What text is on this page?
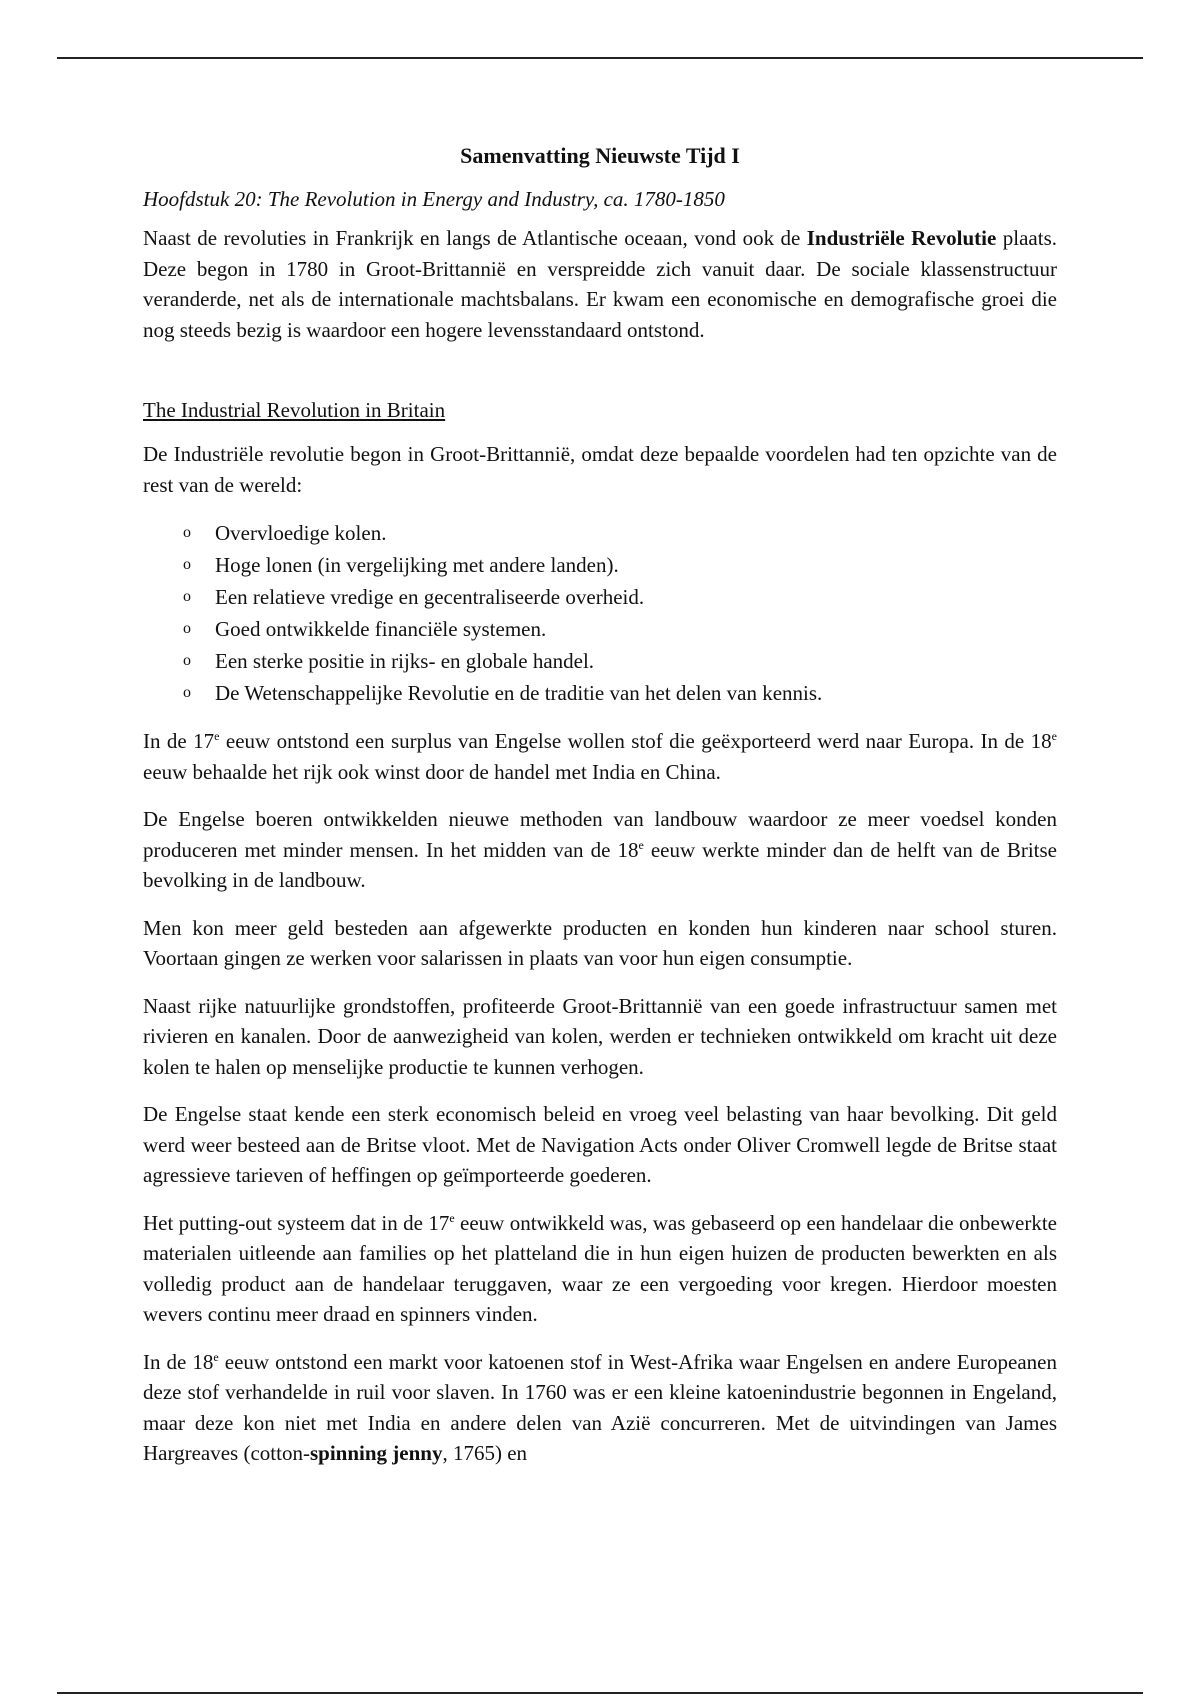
Samenvatting Nieuwste Tijd I
Hoofdstuk 20: The Revolution in Energy and Industry, ca. 1780-1850

Naast de revoluties in Frankrijk en langs de Atlantische oceaan, vond ook de Industriële Revolutie plaats. Deze begon in 1780 in Groot-Brittannië en verspreidde zich vanuit daar. De sociale klassenstructuur veranderde, net als de internationale machtsbalans. Er kwam een economische en demografische groei die nog steeds bezig is waardoor een hogere levensstandaard ontstond.

The Industrial Revolution in Britain

De Industriële revolutie begon in Groot-Brittannië, omdat deze bepaalde voordelen had ten opzichte van de rest van de wereld:

o Overvloedige kolen.
o Hoge lonen (in vergelijking met andere landen).
o Een relatieve vredige en gecentraliseerde overheid.
o Goed ontwikkelde financiële systemen.
o Een sterke positie in rijks- en globale handel.
o De Wetenschappelijke Revolutie en de traditie van het delen van kennis.

In de 17e eeuw ontstond een surplus van Engelse wollen stof die geëxporteerd werd naar Europa. In de 18e eeuw behaalde het rijk ook winst door de handel met India en China.

De Engelse boeren ontwikkelden nieuwe methoden van landbouw waardoor ze meer voedsel konden produceren met minder mensen. In het midden van de 18e eeuw werkte minder dan de helft van de Britse bevolking in de landbouw.

Men kon meer geld besteden aan afgewerkte producten en konden hun kinderen naar school sturen. Voortaan gingen ze werken voor salarissen in plaats van voor hun eigen consumptie.

Naast rijke natuurlijke grondstoffen, profiteerde Groot-Brittannië van een goede infrastructuur samen met rivieren en kanalen. Door de aanwezigheid van kolen, werden er technieken ontwikkeld om kracht uit deze kolen te halen op menselijke productie te kunnen verhogen.

De Engelse staat kende een sterk economisch beleid en vroeg veel belasting van haar bevolking. Dit geld werd weer besteed aan de Britse vloot. Met de Navigation Acts onder Oliver Cromwell legde de Britse staat agressieve tarieven of heffingen op geïmporteerde goederen.

Het putting-out systeem dat in de 17e eeuw ontwikkeld was, was gebaseerd op een handelaar die onbewerkte materialen uitleende aan families op het platteland die in hun eigen huizen de producten bewerkten en als volledig product aan de handelaar teruggaven, waar ze een vergoeding voor kregen. Hierdoor moesten wevers continu meer draad en spinners vinden.

In de 18e eeuw ontstond een markt voor katoenen stof in West-Afrika waar Engelsen en andere Europeanen deze stof verhandelde in ruil voor slaven. In 1760 was er een kleine katoenindustrie begonnen in Engeland, maar deze kon niet met India en andere delen van Azië concurreren. Met de uitvindingen van James Hargreaves (cotton-spinning jenny, 1765) en
